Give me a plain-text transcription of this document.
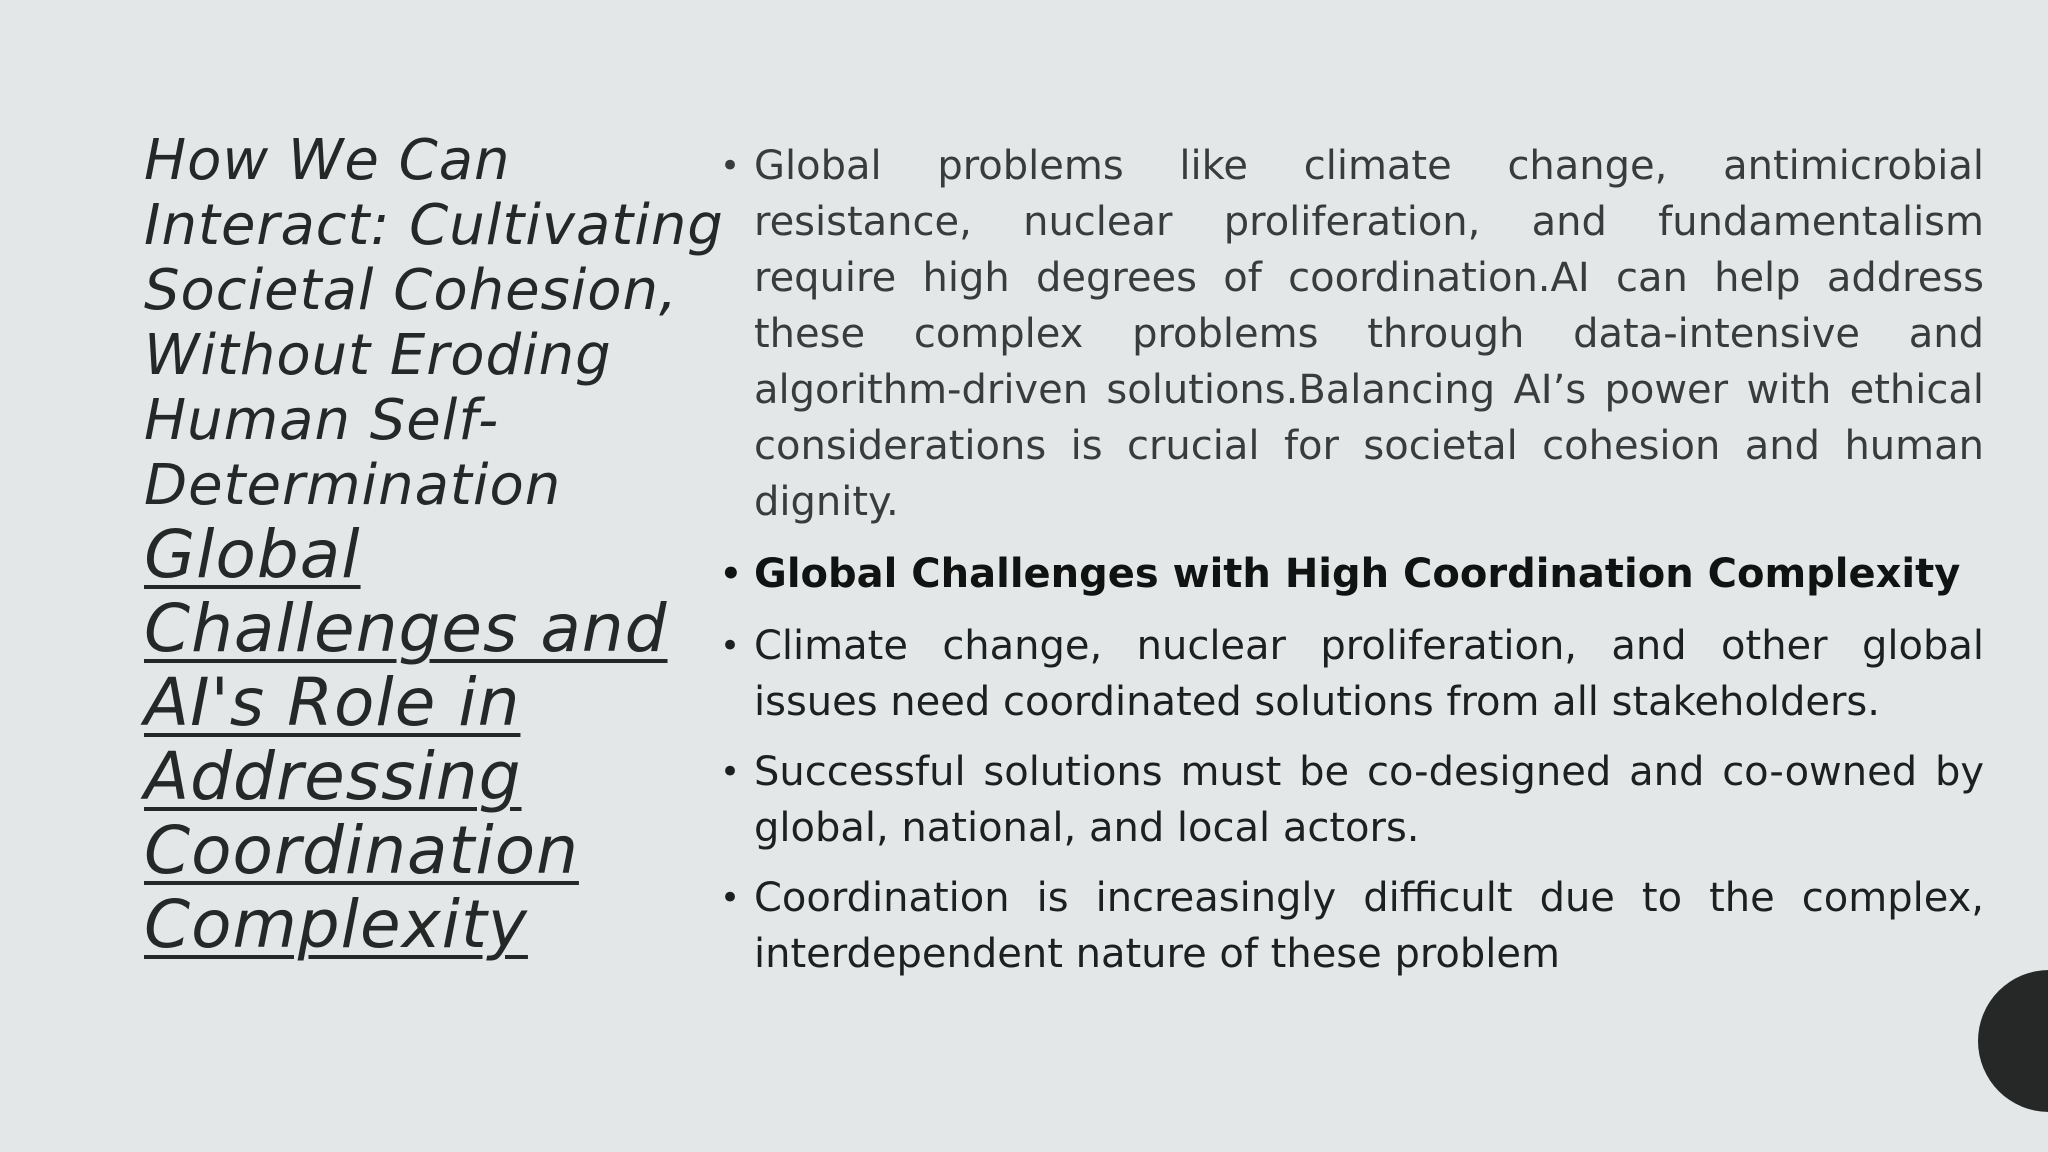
How We Can Interact: Cultivating Societal Cohesion, Without Eroding Human Self-Determination
Global Challenges and AI's Role in Addressing Coordination Complexity
• Global problems like climate change, antimicrobial resistance, nuclear proliferation, and fundamentalism require high degrees of coordination.AI can help address these complex problems through data-intensive and algorithm-driven solutions.Balancing AI’s power with ethical considerations is crucial for societal cohesion and human dignity.
• Global Challenges with High Coordination Complexity
• Climate change, nuclear proliferation, and other global issues need coordinated solutions from all stakeholders.
• Successful solutions must be co-designed and co-owned by global, national, and local actors.
• Coordination is increasingly difficult due to the complex, interdependent nature of these problem
